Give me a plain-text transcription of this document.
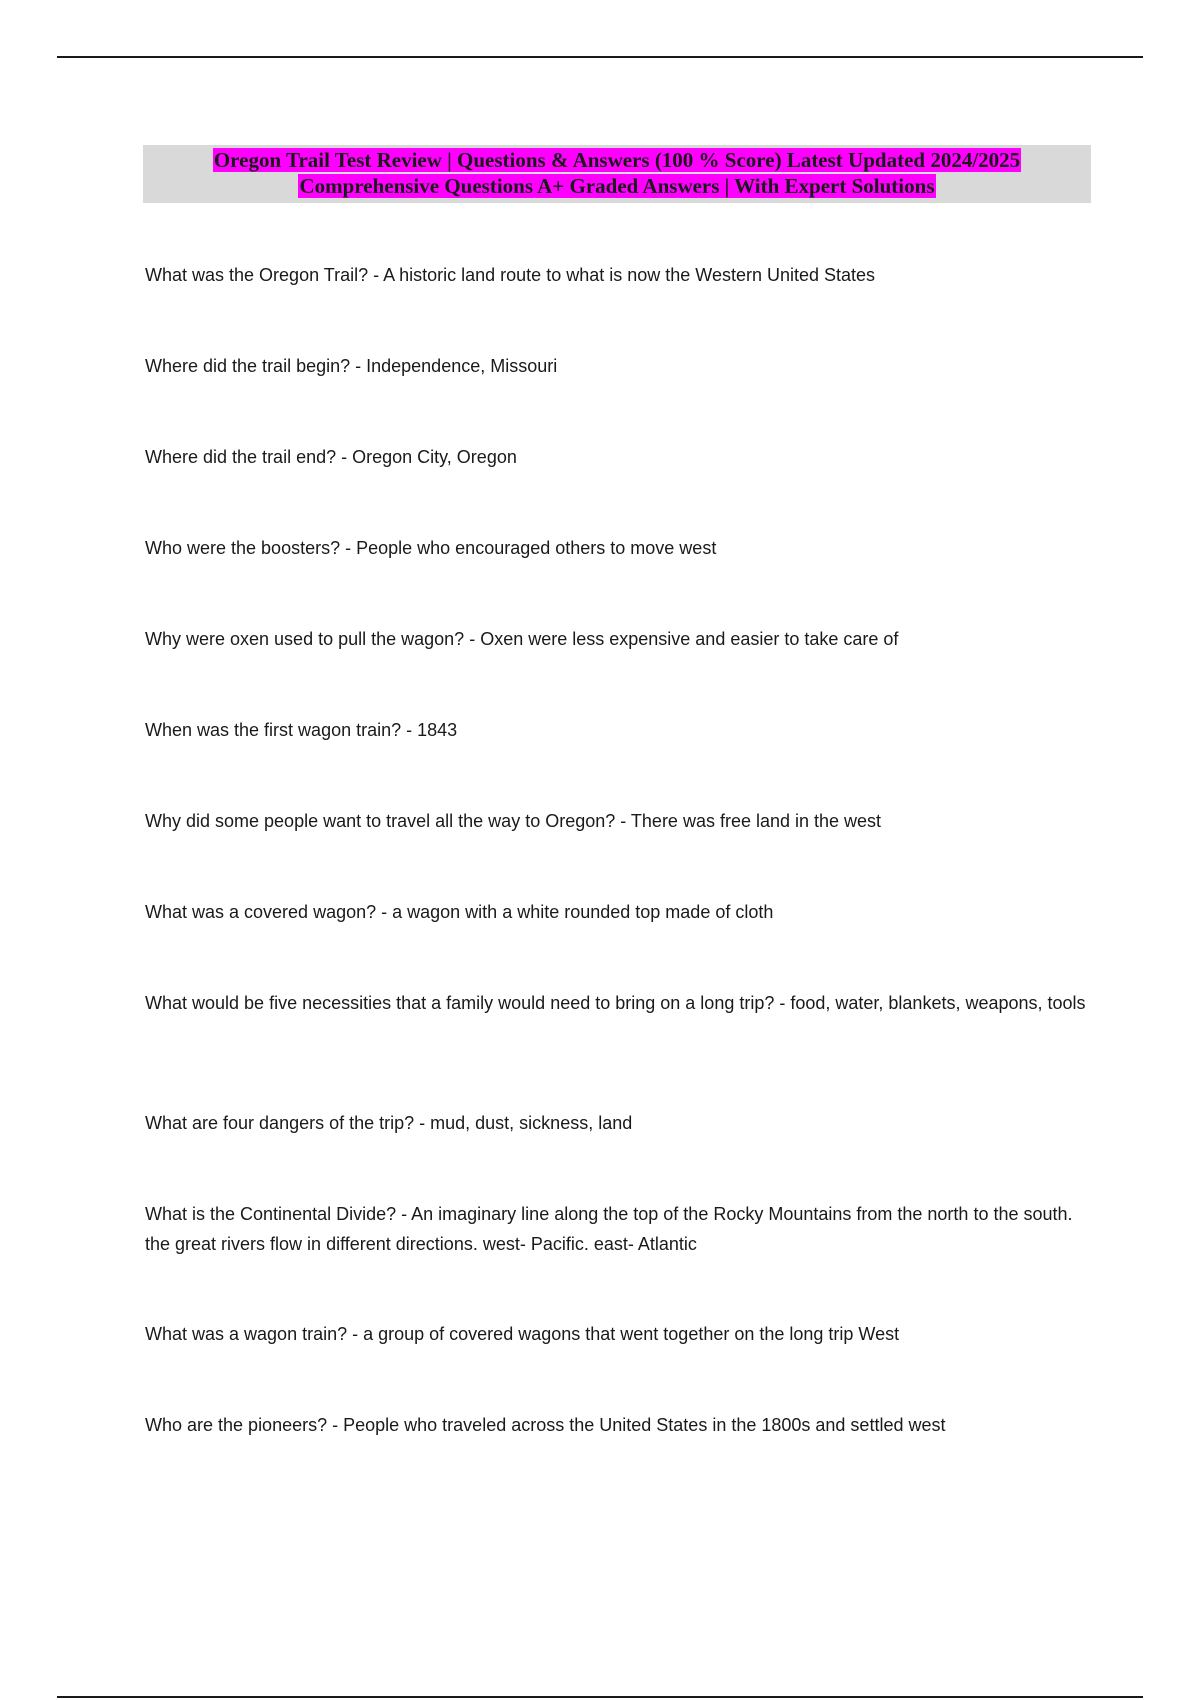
Oregon Trail Test Review | Questions & Answers (100 % Score) Latest Updated 2024/2025
Comprehensive Questions A+ Graded Answers | With Expert Solutions

What was the Oregon Trail? - A historic land route to what is now the Western United States

Where did the trail begin? - Independence, Missouri

Where did the trail end? - Oregon City, Oregon

Who were the boosters? - People who encouraged others to move west

Why were oxen used to pull the wagon? - Oxen were less expensive and easier to take care of

When was the first wagon train? - 1843

Why did some people want to travel all the way to Oregon? - There was free land in the west

What was a covered wagon? - a wagon with a white rounded top made of cloth

What would be five necessities that a family would need to bring on a long trip? - food, water, blankets, weapons, tools

What are four dangers of the trip? - mud, dust, sickness, land

What is the Continental Divide? - An imaginary line along the top of the Rocky Mountains from the north to the south. the great rivers flow in different directions. west- Pacific. east- Atlantic

What was a wagon train? - a group of covered wagons that went together on the long trip West

Who are the pioneers? - People who traveled across the United States in the 1800s and settled west
